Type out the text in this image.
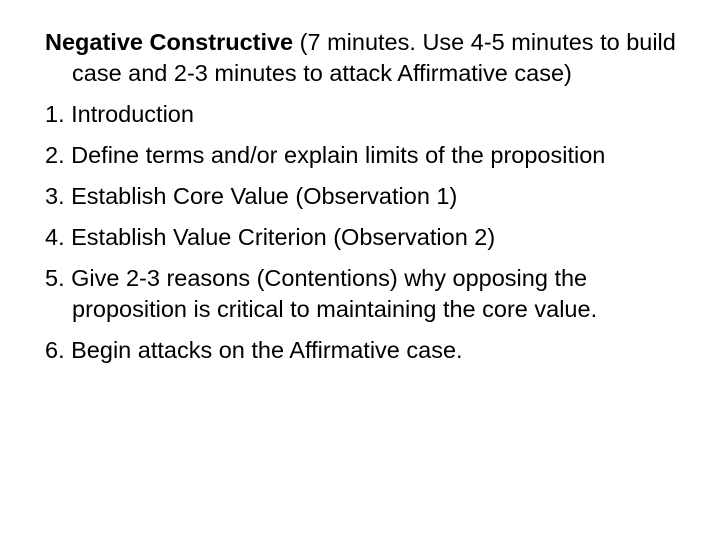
Negative Constructive (7 minutes. Use 4-5 minutes to build case and 2-3 minutes to attack Affirmative case)

1. Introduction

2. Define terms and/or explain limits of the proposition

3. Establish Core Value (Observation 1)

4. Establish Value Criterion (Observation 2)

5. Give 2-3 reasons (Contentions) why opposing the proposition is critical to maintaining the core value.

6. Begin attacks on the Affirmative case.
